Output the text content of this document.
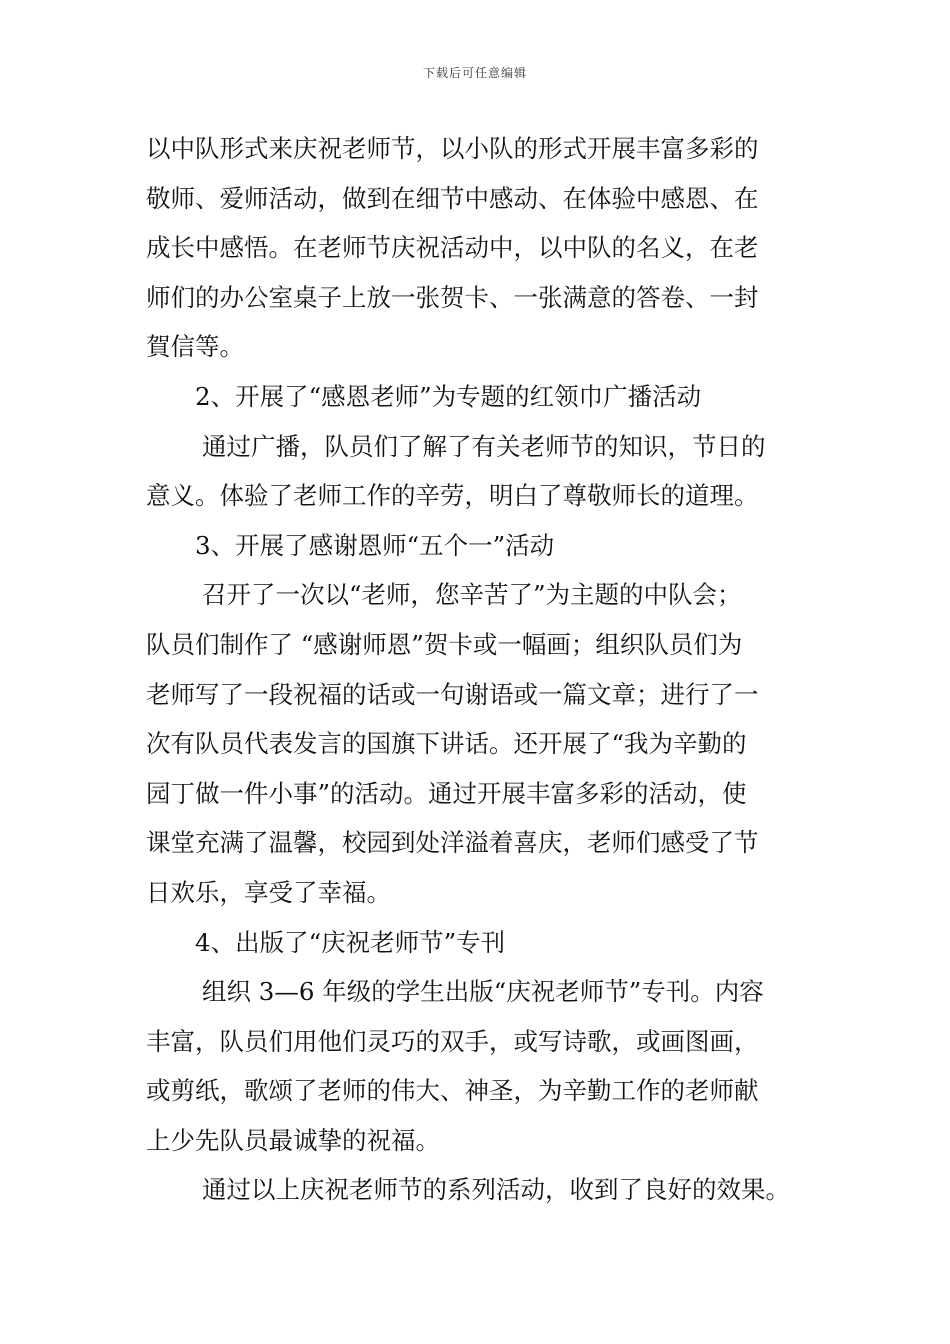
下载后可任意编辑
以中队形式来庆祝老师节，以小队的形式开展丰富多彩的
敬师、爱师活动，做到在细节中感动、在体验中感恩、在
成长中感悟。在老师节庆祝活动中，以中队的名义，在老
师们的办公室桌子上放一张贺卡、一张满意的答卷、一封
賀信等。
2、开展了“感恩老师”为专题的红领巾广播活动
通过广播，队员们了解了有关老师节的知识，节日的
意义。体验了老师工作的辛劳，明白了尊敬师长的道理。
3、开展了感谢恩师“五个一”活动
召开了一次以“老师，您辛苦了”为主题的中队会；
队员们制作了 “感谢师恩”贺卡或一幅画；组织队员们为
老师写了一段祝福的话或一句谢语或一篇文章；进行了一
次有队员代表发言的国旗下讲话。还开展了“我为辛勤的
园丁做一件小事”的活动。通过开展丰富多彩的活动，使
课堂充满了温馨，校园到处洋溢着喜庆，老师们感受了节
日欢乐，享受了幸福。
4、出版了“庆祝老师节”专刊
组织 3—6 年级的学生出版“庆祝老师节”专刊。内容
丰富，队员们用他们灵巧的双手，或写诗歌，或画图画，
或剪纸，歌颂了老师的伟大、神圣，为辛勤工作的老师献
上少先队员最诚挚的祝福。
通过以上庆祝老师节的系列活动，收到了良好的效果。
